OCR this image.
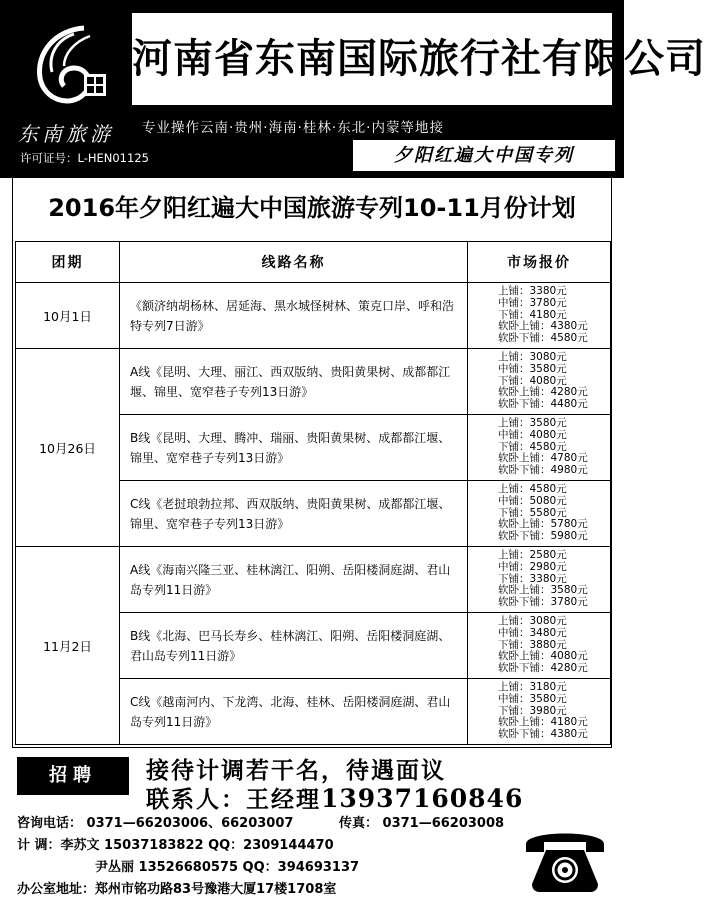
东南旅游
许可证号：L-HEN01125
河南省东南国际旅行社有限公司
专业操作云南·贵州·海南·桂林·东北·内蒙等地接
夕阳红遍大中国专列
2016年夕阳红遍大中国旅游专列10-11月份计划
团期	线路名称	市场报价
10月1日	《额济纳胡杨林、居延海、黑水城怪树林、策克口岸、呼和浩特专列7日游》	上铺：3380元
中铺：3780元
下铺：4180元
软卧上铺：4380元
软卧下铺：4580元

10月26日	A线《昆明、大理、丽江、西双版纳、贵阳黄果树、成都都江堰、锦里、宽窄巷子专列13日游》	上铺：3080元
中铺：3580元
下铺：4080元
软卧上铺：4280元
软卧下铺：4480元

	B线《昆明、大理、腾冲、瑞丽、贵阳黄果树、成都都江堰、锦里、宽窄巷子专列13日游》	上铺：3580元
中铺：4080元
下铺：4580元
软卧上铺：4780元
软卧下铺：4980元

	C线《老挝琅勃拉邦、西双版纳、贵阳黄果树、成都都江堰、锦里、宽窄巷子专列13日游》	上铺：4580元
中铺：5080元
下铺：5580元
软卧上铺：5780元
软卧下铺：5980元

11月2日	A线《海南兴隆三亚、桂林漓江、阳朔、岳阳楼洞庭湖、君山岛专列11日游》	上铺：2580元
中铺：2980元
下铺：3380元
软卧上铺：3580元
软卧下铺：3780元

	B线《北海、巴马长寿乡、桂林漓江、阳朔、岳阳楼洞庭湖、君山岛专列11日游》	上铺：3080元
中铺：3480元
下铺：3880元
软卧上铺：4080元
软卧下铺：4280元

	C线《越南河内、下龙湾、北海、桂林、岳阳楼洞庭湖、君山岛专列11日游》	上铺：3180元
中铺：3580元
下铺：3980元
软卧上铺：4180元
软卧下铺：4380元
招聘	接待计调若干名，待遇面议
联系人：王经理13937160846
咨询电话： 0371—66203006、66203007	传真： 0371—66203008
计 调：李苏文 15037183822 QQ：2309144470
尹丛丽 13526680575 QQ：394693137
办公室地址：郑州市铭功路83号豫港大厦17楼1708室
